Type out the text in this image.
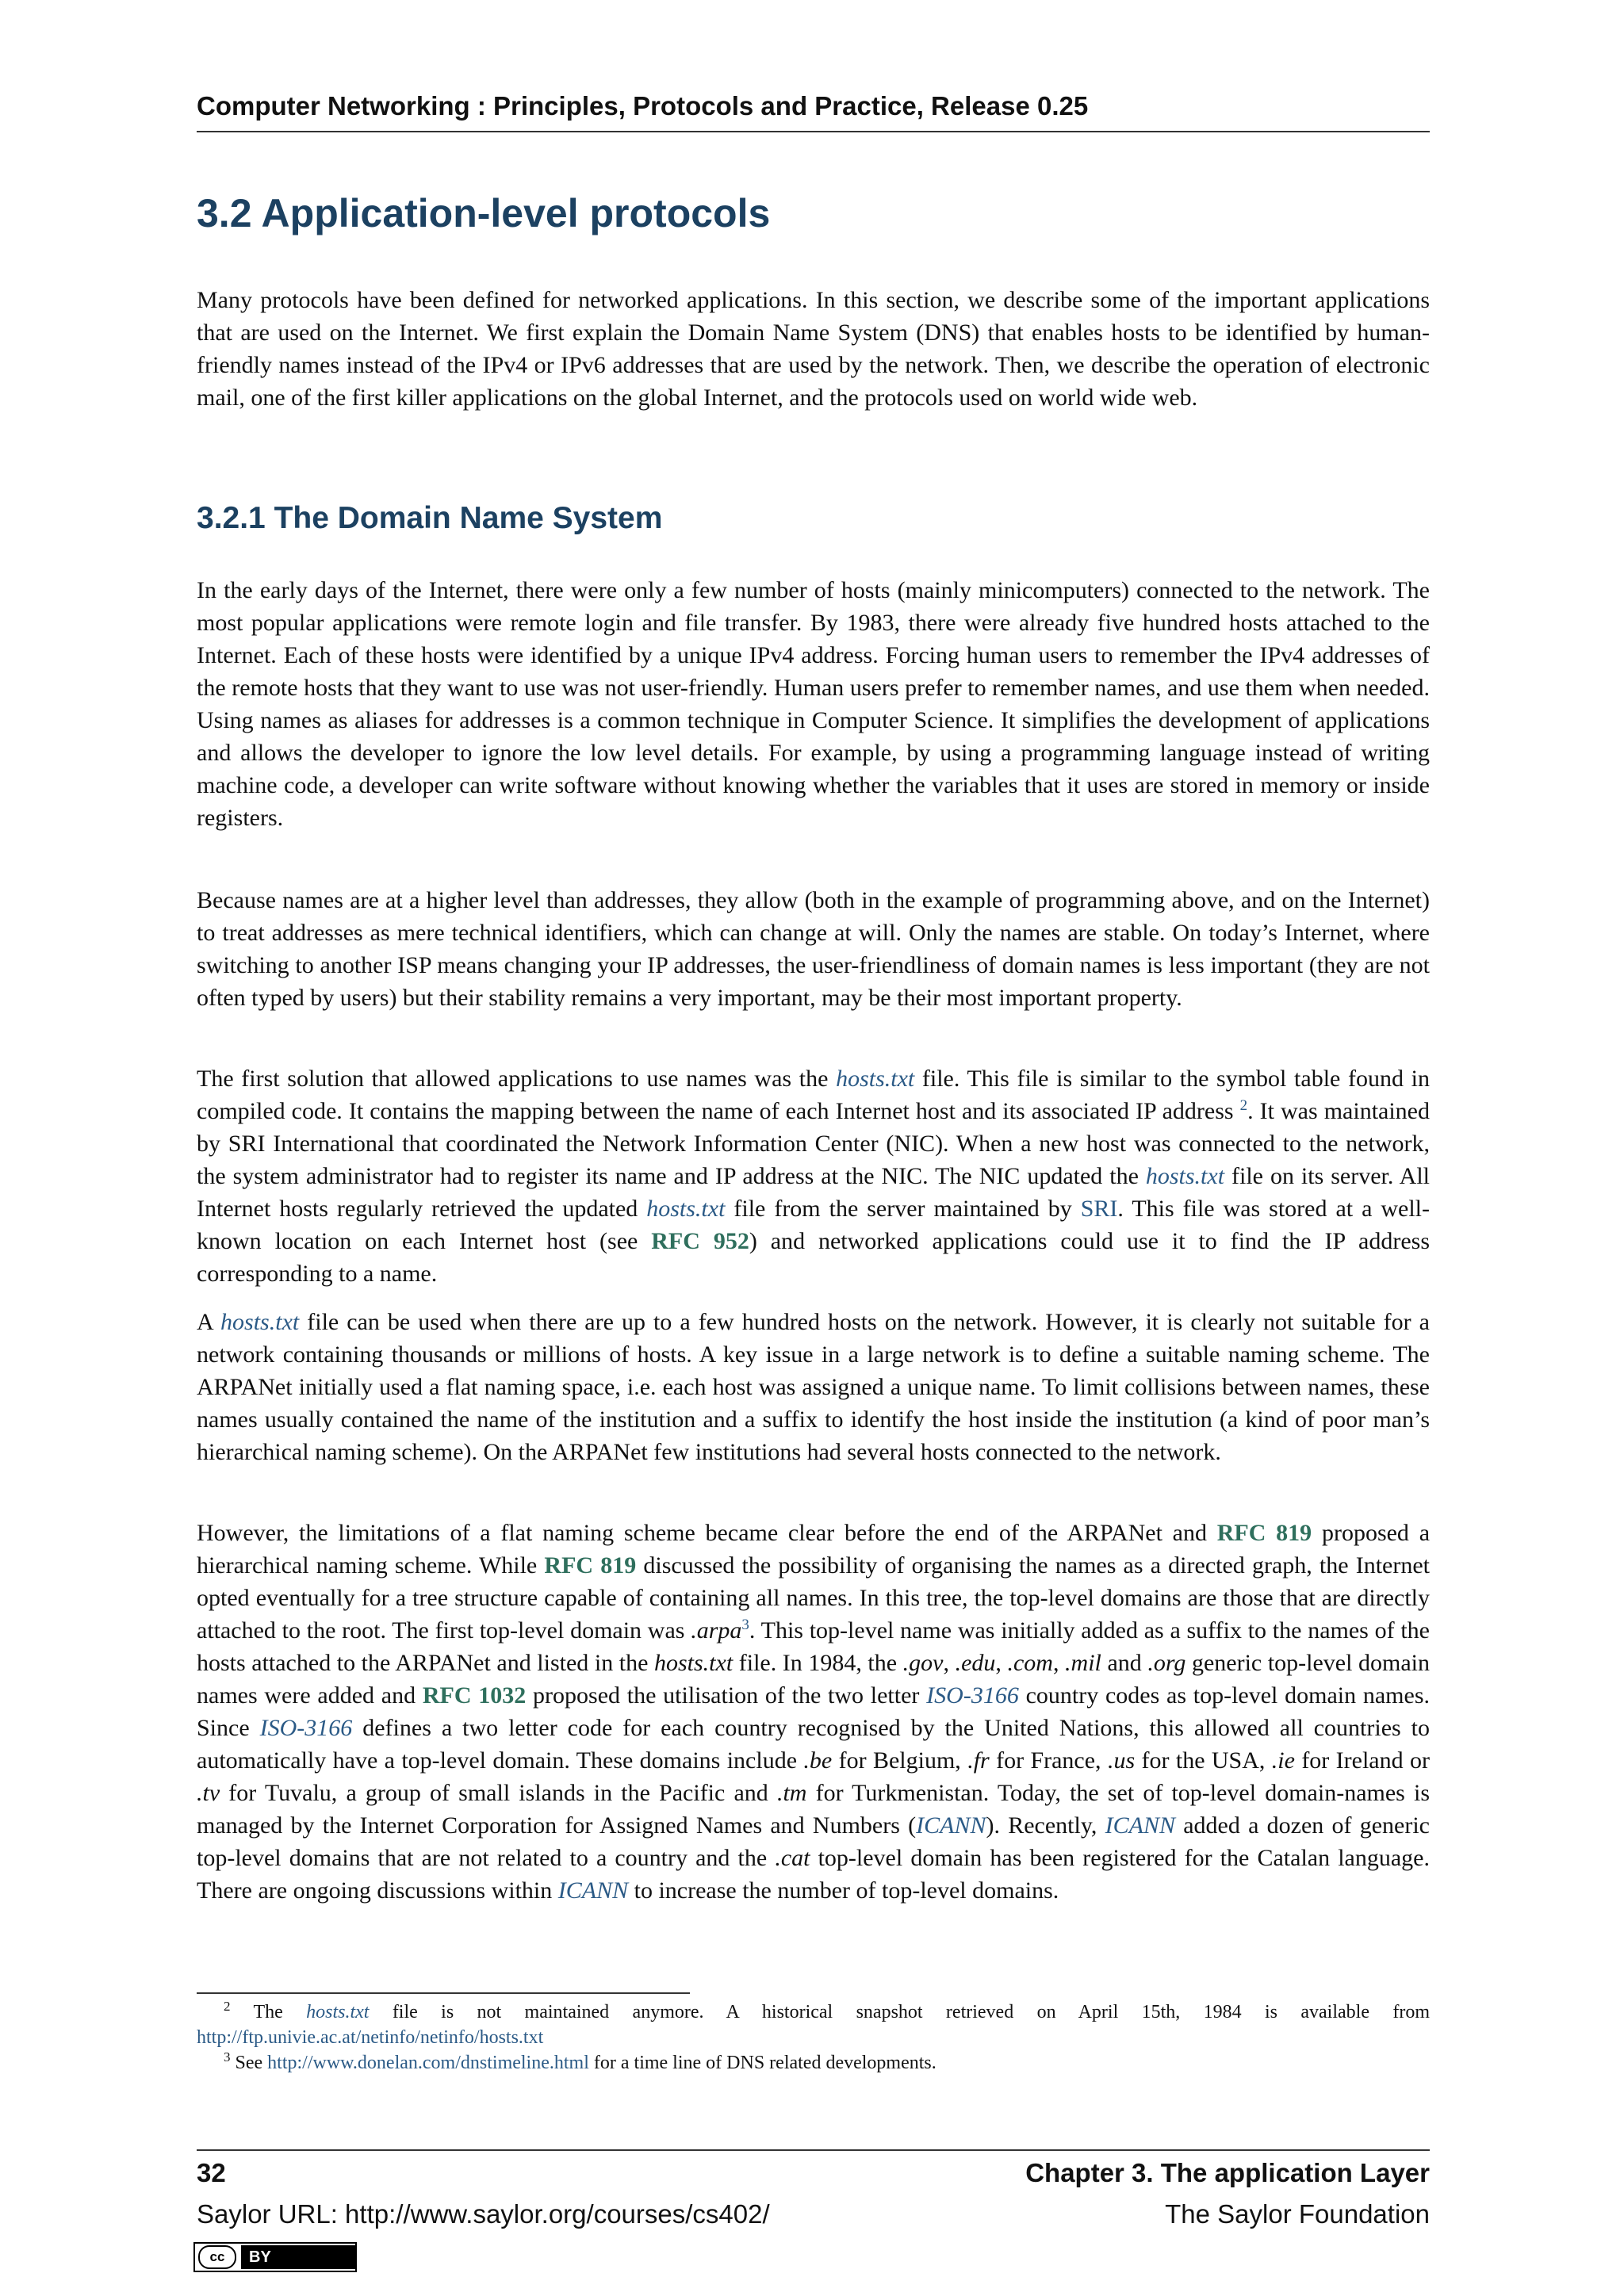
Computer Networking : Principles, Protocols and Practice, Release 0.25
3.2 Application-level protocols

Many protocols have been defined for networked applications. In this section, we describe some of the important applications that are used on the Internet. We first explain the Domain Name System (DNS) that enables hosts to be identified by human-friendly names instead of the IPv4 or IPv6 addresses that are used by the network. Then, we describe the operation of electronic mail, one of the first killer applications on the global Internet, and the protocols used on world wide web.

3.2.1 The Domain Name System

In the early days of the Internet, there were only a few number of hosts (mainly minicomputers) connected to the network. The most popular applications were remote login and file transfer. By 1983, there were already five hundred hosts attached to the Internet. Each of these hosts were identified by a unique IPv4 address. Forcing human users to remember the IPv4 addresses of the remote hosts that they want to use was not user-friendly. Human users prefer to remember names, and use them when needed. Using names as aliases for addresses is a common technique in Computer Science. It simplifies the development of applications and allows the developer to ignore the low level details. For example, by using a programming language instead of writing machine code, a developer can write software without knowing whether the variables that it uses are stored in memory or inside registers.

Because names are at a higher level than addresses, they allow (both in the example of programming above, and on the Internet) to treat addresses as mere technical identifiers, which can change at will. Only the names are stable. On today’s Internet, where switching to another ISP means changing your IP addresses, the user-friendliness of domain names is less important (they are not often typed by users) but their stability remains a very important, may be their most important property.

The first solution that allowed applications to use names was the hosts.txt file. This file is similar to the symbol table found in compiled code. It contains the mapping between the name of each Internet host and its associated IP address $^2$. It was maintained by SRI International that coordinated the Network Information Center (NIC). When a new host was connected to the network, the system administrator had to register its name and IP address at the NIC. The NIC updated the hosts.txt file on its server. All Internet hosts regularly retrieved the updated hosts.txt file from the server maintained by SRI. This file was stored at a well-known location on each Internet host (see RFC 952) and networked applications could use it to find the IP address corresponding to a name.

A hosts.txt file can be used when there are up to a few hundred hosts on the network. However, it is clearly not suitable for a network containing thousands or millions of hosts. A key issue in a large network is to define a suitable naming scheme. The ARPANet initially used a flat naming space, i.e. each host was assigned a unique name. To limit collisions between names, these names usually contained the name of the institution and a suffix to identify the host inside the institution (a kind of poor man’s hierarchical naming scheme). On the ARPANet few institutions had several hosts connected to the network.

However, the limitations of a flat naming scheme became clear before the end of the ARPANet and RFC 819 proposed a hierarchical naming scheme. While RFC 819 discussed the possibility of organising the names as a directed graph, the Internet opted eventually for a tree structure capable of containing all names. In this tree, the top-level domains are those that are directly attached to the root. The first top-level domain was .arpa$^3$. This top-level name was initially added as a suffix to the names of the hosts attached to the ARPANet and listed in the hosts.txt file. In 1984, the .gov, .edu, .com, .mil and .org generic top-level domain names were added and RFC 1032 proposed the utilisation of the two letter ISO-3166 country codes as top-level domain names. Since ISO-3166 defines a two letter code for each country recognised by the United Nations, this allowed all countries to automatically have a top-level domain. These domains include .be for Belgium, .fr for France, .us for the USA, .ie for Ireland or .tv for Tuvalu, a group of small islands in the Pacific and .tm for Turkmenistan. Today, the set of top-level domain-names is managed by the Internet Corporation for Assigned Names and Numbers (ICANN). Recently, ICANN added a dozen of generic top-level domains that are not related to a country and the .cat top-level domain has been registered for the Catalan language. There are ongoing discussions within ICANN to increase the number of top-level domains.

$^2$ The hosts.txt file is not maintained anymore. A historical snapshot retrieved on April 15th, 1984 is available from http://ftp.univie.ac.at/netinfo/netinfo/hosts.txt

$^3$ See http://www.donelan.com/dnstimeline.html for a time line of DNS related developments.

32	Chapter 3. The application Layer
Saylor URL: http://www.saylor.org/courses/cs402/	The Saylor Foundation
cc	BY
